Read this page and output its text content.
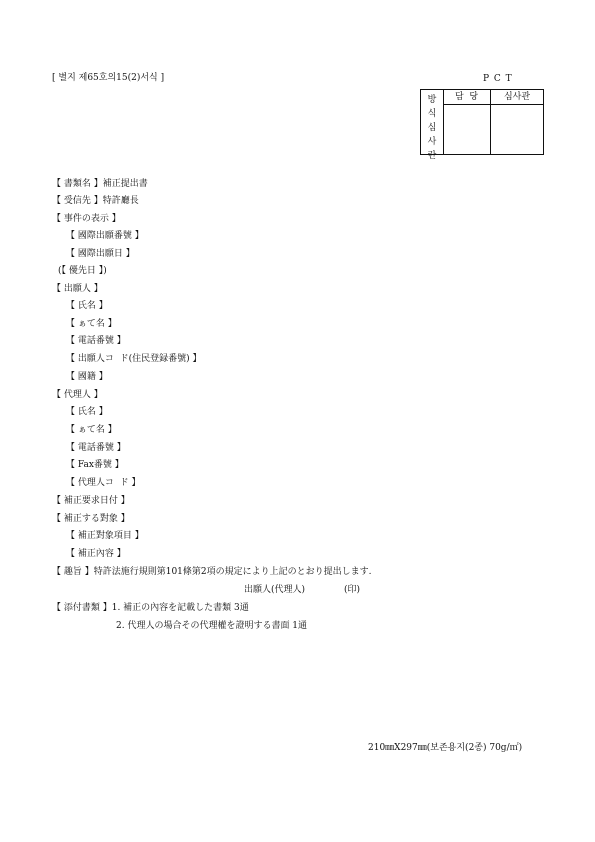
[ 별지 제65호의15(2)서식 ]	P C T
방
식
심
사
란
담  당	심사관
【 書類名 】補正提出書
【 受信先 】特許廳長
【 事件の表示 】
【 國際出願番號 】
【 國際出願日 】
(【 優先日 】)
【 出願人 】
【 氏名 】
【 ぁて名 】
【 電話番號 】
【 出願人コ  ド(住民登録番號) 】
【 國籍 】
【 代理人 】
【 氏名 】
【 ぁて名 】
【 電話番號 】
【 Fax番號 】
【 代理人コ  ド 】
【 補正要求日付 】
【 補正する對象 】
【 補正對象項目 】
【 補正內容 】
【 趣旨 】特許法施行規則第101條第2項の規定により上記のとおり提出します.
出願人(代理人)	(印)
【 添付書類 】1. 補正の內容を記載した書類 3通
2. 代理人の場合その代理權を證明する書面 1通
210㎜X297㎜(보존용지(2종) 70g/㎡)
